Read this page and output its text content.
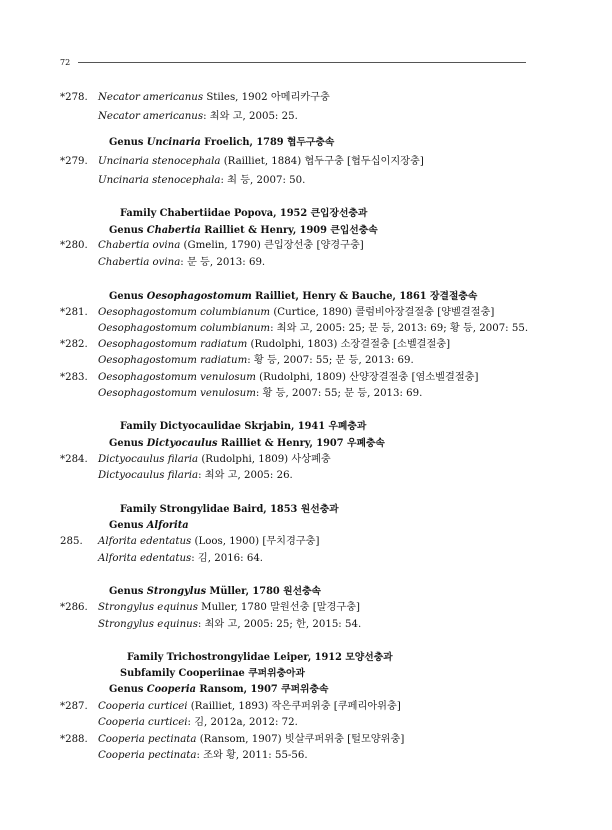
72
*278. Necator americanus Stiles, 1902 아메리카구충
Necator americanus: 최와 고, 2005: 25.
Genus Uncinaria Froelich, 1789 협두구충속
*279. Uncinaria stenocephala (Railliet, 1884) 협두구충 [협두십이지장충]
Uncinaria stenocephala: 최 등, 2007: 50.
Family Chabertiidae Popova, 1952 큰입장선충과
Genus Chabertia Railliet & Henry, 1909 큰입선충속
*280. Chabertia ovina (Gmelin, 1790) 큰입장선충 [양경구충]
Chabertia ovina: 문 등, 2013: 69.
Genus Oesophagostomum Railliet, Henry & Bauche, 1861 장결절충속
*281. Oesophagostomum columbianum (Curtice, 1890) 콜럼비아장결절충 [양벨결절충]
Oesophagostomum columbianum: 최와 고, 2005: 25; 문 등, 2013: 69; 황 등, 2007: 55.
*282. Oesophagostomum radiatum (Rudolphi, 1803) 소장결절충 [소벨결절충]
Oesophagostomum radiatum: 황 등, 2007: 55; 문 등, 2013: 69.
*283. Oesophagostomum venulosum (Rudolphi, 1809) 산양장결절충 [염소벨결절충]
Oesophagostomum venulosum: 황 등, 2007: 55; 문 등, 2013: 69.
Family Dictyocaulidae Skrjabin, 1941 우폐충과
Genus Dictyocaulus Railliet & Henry, 1907 우폐충속
*284. Dictyocaulus filaria (Rudolphi, 1809) 사상폐충
Dictyocaulus filaria: 최와 고, 2005: 26.
Family Strongylidae Baird, 1853 원선충과
Genus Alforita
285. Alforita edentatus (Loos, 1900) [무치경구충]
Alforita edentatus: 김, 2016: 64.
Genus Strongylus Müller, 1780 원선충속
*286. Strongylus equinus Muller, 1780 말원선충 [말경구충]
Strongylus equinus: 최와 고, 2005: 25; 한, 2015: 54.
Family Trichostrongylidae Leiper, 1912 모양선충과
Subfamily Cooperiinae 쿠퍼위충아과
Genus Cooperia Ransom, 1907 쿠퍼위충속
*287. Cooperia curticei (Railliet, 1893) 작은쿠퍼위충 [쿠페리아위충]
Cooperia curticei: 김, 2012a, 2012: 72.
*288. Cooperia pectinata (Ransom, 1907) 빗살쿠퍼위충 [털모양위충]
Cooperia pectinata: 조와 황, 2011: 55-56.
